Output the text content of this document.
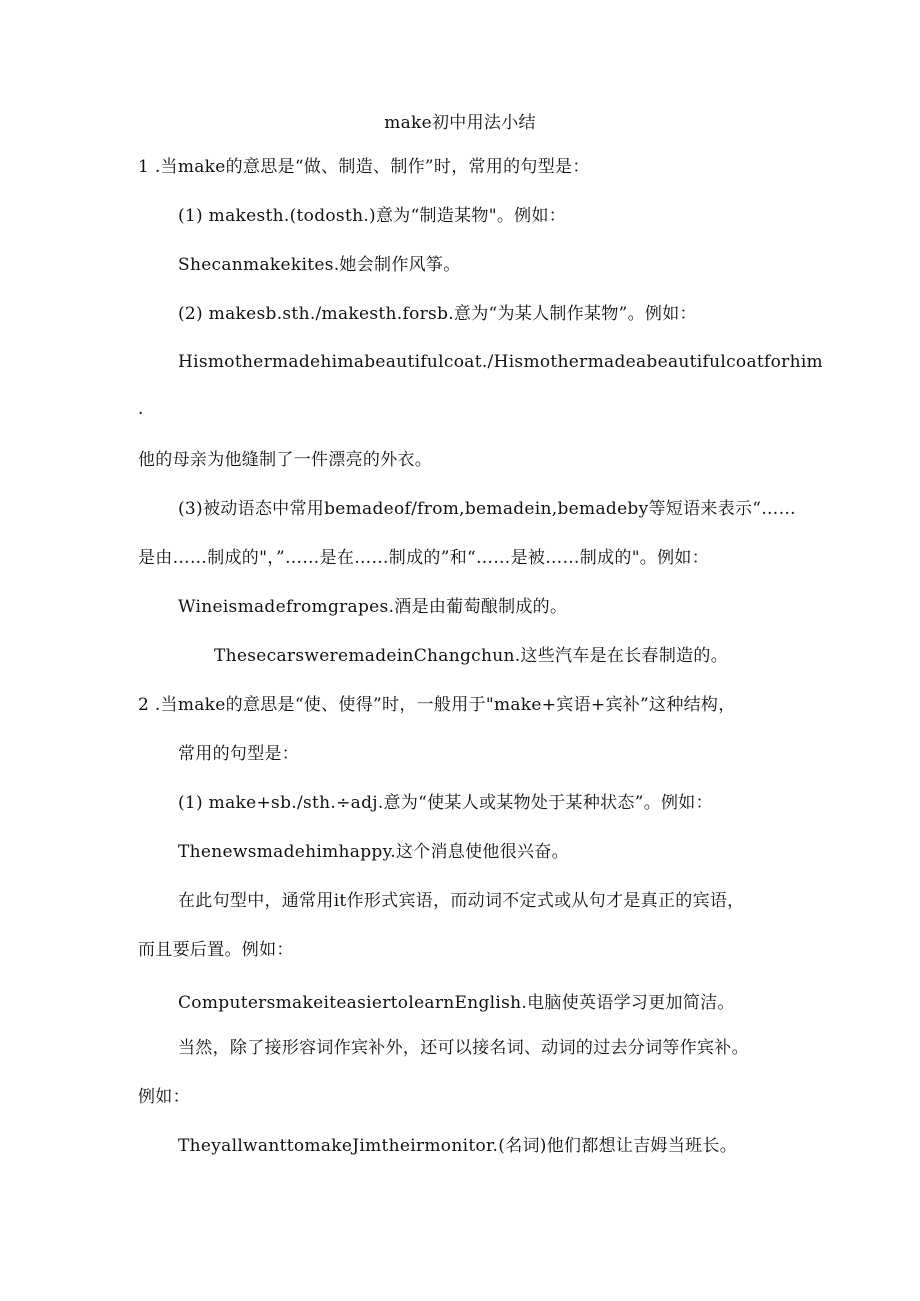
make初中用法小结
1 .当make的意思是“做、制造、制作”时，常用的句型是：
(1) makesth.(todosth.)意为“制造某物"。例如：
Shecanmakekites.她会制作风筝。
(2) makesb.sth./makesth.forsb.意为“为某人制作某物”。例如：
Hismothermadehimabeautifulcoat./Hismothermadeabeautifulcoatforhim
.
他的母亲为他缝制了一件漂亮的外衣。
(3)被动语态中常用bemadeof/from,bemadein,bemadeby等短语来表示“……
是由……制成的"，”……是在……制成的”和“……是被……制成的"。例如：
Wineismadefromgrapes.酒是由葡萄酿制成的。
ThesecarsweremadeinChangchun.这些汽车是在长春制造的。
2 .当make的意思是“使、使得”时，一般用于"make+宾语+宾补”这种结构，
常用的句型是：
(1) make+sb./sth.÷adj.意为“使某人或某物处于某种状态”。例如：
Thenewsmadehimhappy.这个消息使他很兴奋。
在此句型中，通常用it作形式宾语，而动词不定式或从句才是真正的宾语，
而且要后置。例如：
ComputersmakeiteasiertolearnEnglish.电脑使英语学习更加简洁。
当然，除了接形容词作宾补外，还可以接名词、动词的过去分词等作宾补。
例如：
TheyallwanttomakeJimtheirmonitor.(名词)他们都想让吉姆当班长。
